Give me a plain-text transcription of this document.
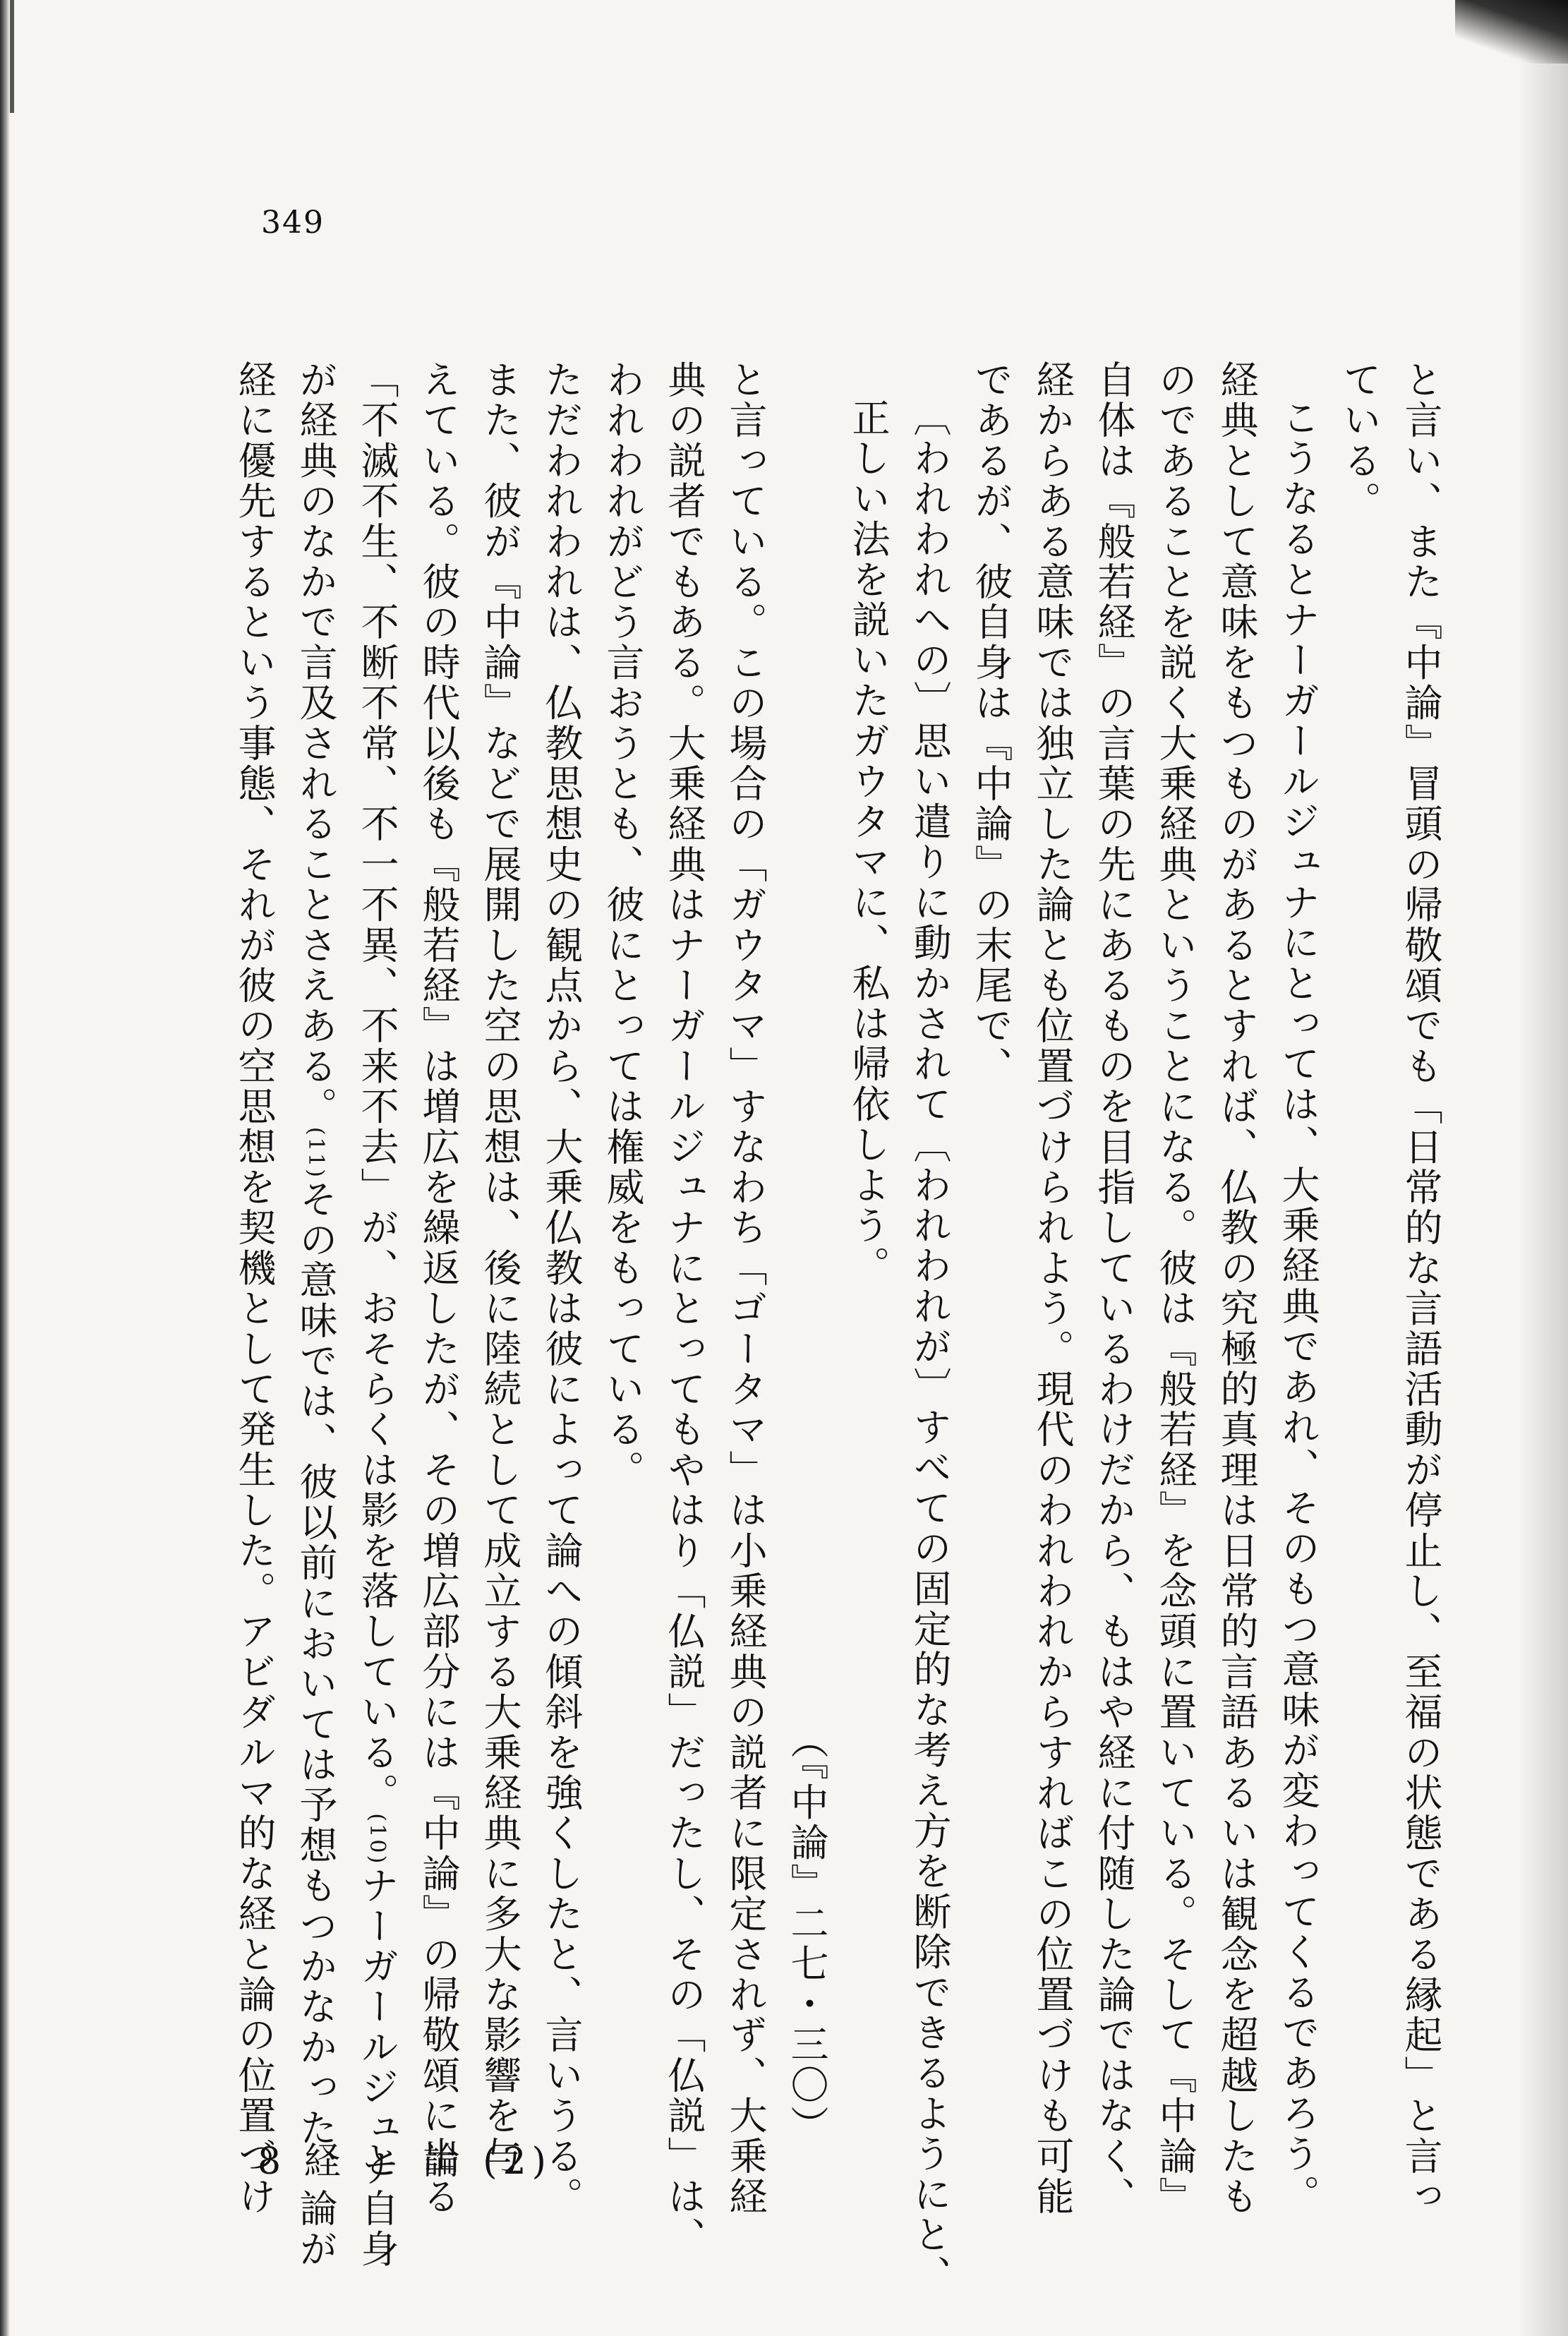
349
と言い、また『中論』冒頭の帰敬頌でも「日常的な言語活動が停止し、至福の状態である縁起」と言っ
ている。
こうなるとナーガールジュナにとっては、大乗経典であれ、そのもつ意味が変わってくるであろう。
経典として意味をもつものがあるとすれば、仏教の究極的真理は日常的言語あるいは観念を超越したも
のであることを説く大乗経典ということになる。彼は『般若経』を念頭に置いている。そして『中論』
自体は『般若経』の言葉の先にあるものを目指しているわけだから、もはや経に付随した論ではなく、
経からある意味では独立した論とも位置づけられよう。現代のわれわれからすればこの位置づけも可能
であるが、彼自身は『中論』の末尾で、
〔われわれへの〕思い遣りに動かされて〔われわれが〕すべての固定的な考え方を断除できるようにと、
正しい法を説いたガウタマに、私は帰依しよう。
（『中論』二七・三〇）
と言っている。この場合の「ガウタマ」すなわち「ゴータマ」は小乗経典の説者に限定されず、大乗経
典の説者でもある。大乗経典はナーガールジュナにとってもやはり「仏説」だったし、その「仏説」は、
われわれがどう言おうとも、彼にとっては権威をもっている。
ただわれわれは、仏教思想史の観点から、大乗仏教は彼によって論への傾斜を強くしたと、言いうる。
また、彼が『中論』などで展開した空の思想は、後に陸続として成立する大乗経典に多大な影響を与
えている。彼の時代以後も『般若経』は増広を繰返したが、その増広部分には『中論』の帰敬頌に出る
「不滅不生、不断不常、不一不異、不来不去」が、おそらくは影を落している。(10)ナーガールジュナ自身
が経典のなかで言及されることさえある。(11)その意味では、彼以前においては予想もつかなかった、論が
経に優先するという事態、それが彼の空思想を契機として発生した。アビダルマ的な経と論の位置づけ
8 経 と 論 (2)
